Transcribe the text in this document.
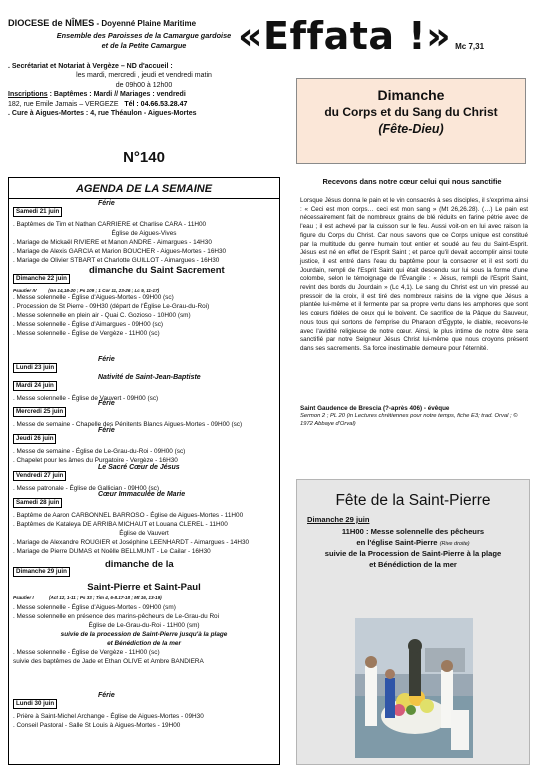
DIOCESE de NÎMES - Doyenné Plaine Maritime
Ensemble des Paroisses de la Camargue gardoise
et de la Petite Camargue
. Secrétariat et Notariat à Vergèze – ND d'accueil :
les mardi, mercredi , jeudi et vendredi matin
de 09h00 à 12h00
Inscriptions : Baptêmes : Mardi // Mariages : vendredi
182, rue Emile Jamais – VERGEZE Tél : 04.66.53.28.47
. Cure à Aigues-Mortes : 4, rue Théaulon - Aigues-Mortes
N°140
«Effata !» Mc 7,31
Dimanche
du Corps et du Sang du Christ
(Fête-Dieu)
AGENDA DE LA SEMAINE
Samedi 21 juin
Férie
. Baptêmes de Tim et Nathan CARRIERE et Charlise CARA - 11H00
Église de Aigues-Vives
. Mariage de Mickaël RIVIERE et Manon ANDRE - Aimargues - 14H30
. Mariage de Alexis GARCIA et Marion BOUCHER - Aigues-Mortes - 16H30
. Mariage de Olivier STBART et Charlotte GUILLOT - Aimargues - 16H30
Dimanche 22 juin
dimanche du Saint Sacrement
Psautier IV	(Gn 14,18-20 ; Ps 109 ; 1 Cor 11, 23-26 ; Lc 9, 11-17)
. Messe solennelle - Église d'Aigues-Mortes - 09H00 (sc)
. Procession de St Pierre - 09H30 (départ de l'Église Le-Grau-du-Roi)
. Messe solennelle en plein air - Quai C. Gozioso - 10H00 (sm)
. Messe solennelle - Église d'Aimargues - 09H00 (sc)
. Messe solennelle - Église de Vergèze - 11H00 (sc)
Lundi 23 juin
Férie
Mardi 24 juin
Nativité de Saint-Jean-Baptiste
. Messe solennelle - Église de Vauvert - 09H00 (sc)
Mercredi 25 juin
Férie
. Messe de semaine - Chapelle des Pénitents Blancs Aigues-Mortes - 09H00 (sc)
Jeudi 26 juin
Férie
. Messe de semaine - Église de Le-Grau-du-Roi - 09H00 (sc)
. Chapelet pour les âmes du Purgatoire - Vergèze - 16H30
Vendredi 27 juin
Le Sacré Cœur de Jésus
. Messe patronale - Église de Gallician - 09H00 (sc)
Samedi 28 juin
Cœur Immaculée de Marie
. Baptême de Aaron CARBONNEL BARROSO - Église de Aigues-Mortes - 11H00
. Baptêmes de Kataleya DE ARRIBA MICHAUT et Louana CLEREL - 11H00
Église de Vauvert
. Mariage de Alexandre ROUGIER et Joséphine LEENHARDT - Aimargues - 14H30
. Mariage de Pierre DUMAS et Noëlle BELLMUNT - Le Cailar - 16H30
Dimanche 29 juin
dimanche de la
Saint-Pierre et Saint-Paul
Psautier I	(Act 12, 1-11 ; Ps 33 ; Tim 4, 6-8.17-18 ; Mt 16, 13-19)
. Messe solennelle - Église d'Aigues-Mortes - 09H00 (sm)
. Messe solennelle en présence des marins-pêcheurs de Le-Grau-du Roi
Église de Le-Grau-du-Roi - 11H00 (sm)
suivie de la procession de Saint-Pierre jusqu'à la plage
et Bénédiction de la mer
. Messe solennelle - Église de Vergèze - 11H00 (sc)
suivie des baptêmes de Jade et Ethan OLIVE et Ambre BANDIERA
Lundi 30 juin
Férie
. Prière à Saint-Michel Archange - Église de Aigues-Mortes - 09H30
. Conseil Pastoral - Salle St Louis à Aigues-Mortes - 19H00
Recevons dans notre cœur celui qui nous sanctifie
Lorsque Jésus donna le pain et le vin consacrés à ses disciples, il s'exprima ainsi : « Ceci est mon corps… ceci est mon sang » (Mt 26,26.28). (…) Le pain est nécessairement fait de nombreux grains de blé réduits en farine pétrie avec de l'eau ; il est achevé par la cuisson sur le feu. Aussi voit-on en lui avec raison la figure du Corps du Christ. Car nous savons que ce Corps unique est constitué par la multitude du genre humain tout entier et soudé au feu du Saint-Esprit. Jésus est né en effet de l'Esprit Saint ; et parce qu'il devait accomplir ainsi toute justice, il est entré dans l'eau du baptême pour la consacrer et il est sorti du Jourdain, rempli de l'Esprit Saint qui était descendu sur lui sous la forme d'une colombe, selon le témoignage de l'Évangile : « Jésus, rempli de l'Esprit Saint, revint des bords du Jourdain » (Lc 4,1). Le sang du Christ est un vin pressé au pressoir de la croix, il est tiré des nombreux raisins de la vigne que Jésus a plantée lui-même et il fermente par sa propre vertu dans les amphores que sont les cœurs fidèles de ceux qui le boivent. Ce sacrifice de la Pâque du Sauveur, nous tous qui sortons de l'emprise du Pharaon d'Égypte, le diable, recevons-le avec l'avidité religieuse de notre cœur. Ainsi, le plus intime de notre être sera sanctifié par notre Seigneur Jésus Christ lui-même que nous croyons présent dans ses sacrements. Sa force inestimable demeure pour l'éternité.
Saint Gaudence de Brescia (?-après 406) - évêque
Sermon 2 ; PL 20 (in Lectures chrétiennes pour notre temps, fiche E3; trad. Orval ; © 1972 Abbaye d'Orval)
Fête de la Saint-Pierre
Dimanche 29 juin
11H00 : Messe solennelle des pêcheurs
en l'église Saint-Pierre (Rive droite)
suivie de la Procession de Saint-Pierre à la plage
et Bénédiction de la mer
